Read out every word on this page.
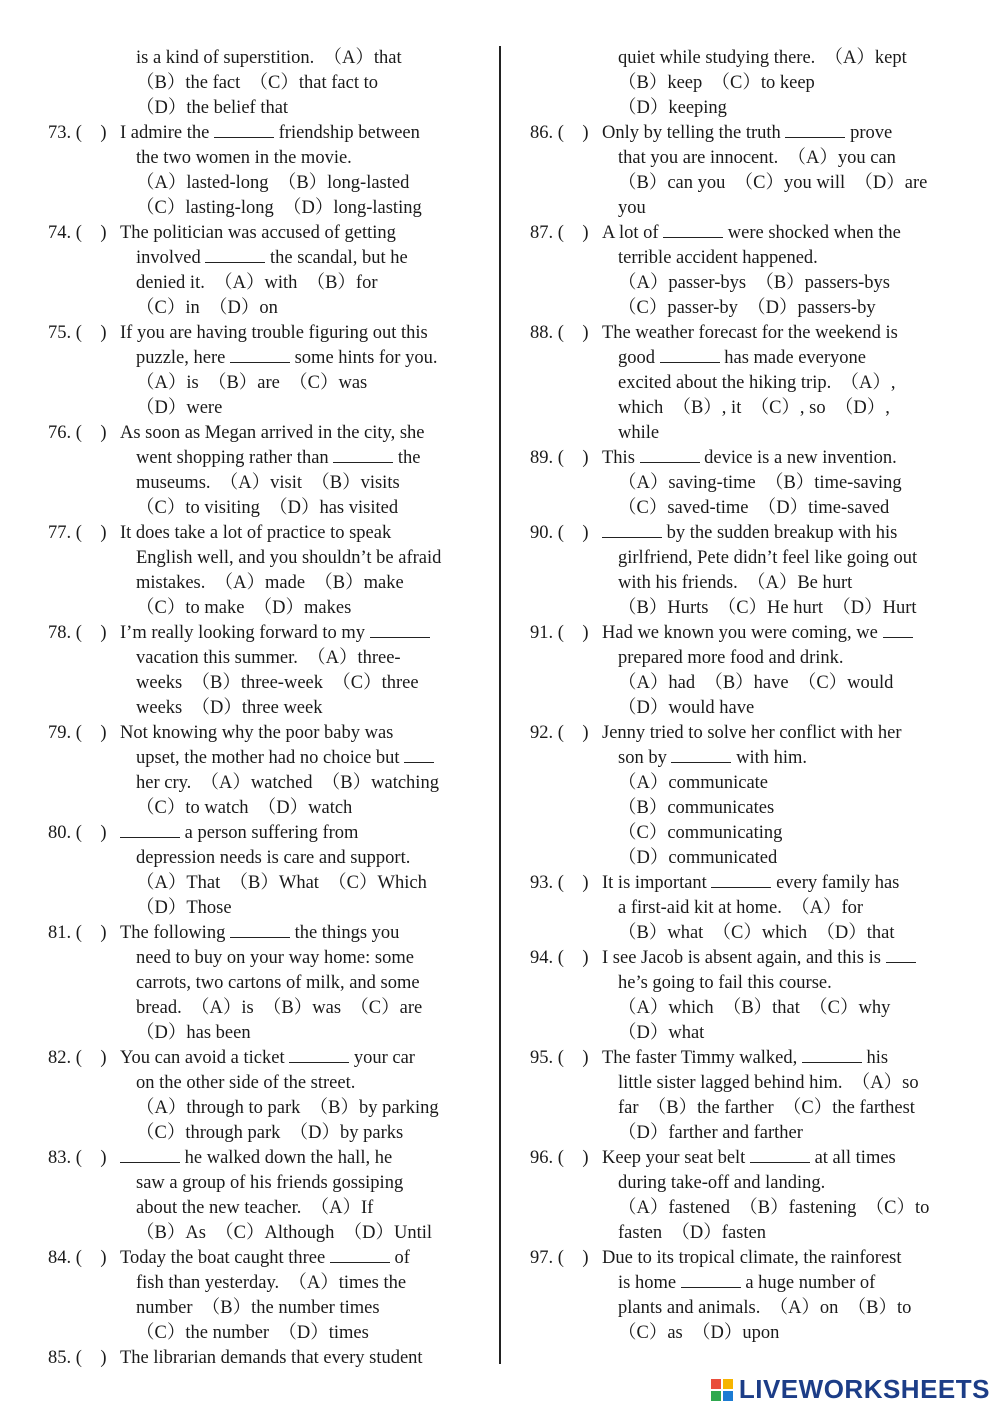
is a kind of superstition.　（A）that
（B）the fact　（C）that fact to
（D）the belief that
73. (　) I admire the	friendship between
the two women in the movie.
（A）lasted-long　（B）long-lasted
（C）lasting-long　（D）long-lasting
74. (　) The politician was accused of getting
involved	the scandal, but he
denied it.　（A）with　（B）for
（C）in　（D）on
75. (　) If you are having trouble figuring out this
puzzle, here	some hints for you.
（A）is　（B）are　（C）was
（D）were
76. (　) As soon as Megan arrived in the city, she
went shopping rather than	the
museums.　（A）visit　（B）visits
（C）to visiting　（D）has visited
77. (　) It does take a lot of practice to speak
English well, and you shouldn’t be afraid
mistakes.　（A）made　（B）make
（C）to make　（D）makes
78. (　) I’m really looking forward to my
vacation this summer.　（A）three-
weeks　（B）three-week　（C）three
weeks　（D）three week
79. (　) Not knowing why the poor baby was
upset, the mother had no choice but
her cry.　（A）watched　（B）watching
（C）to watch　（D）watch
80. (　)	a person suffering from
depression needs is care and support.
（A）That　（B）What　（C）Which
（D）Those
81. (　) The following	the things you
need to buy on your way home: some
carrots, two cartons of milk, and some
bread.　（A）is　（B）was　（C）are
（D）has been
82. (　) You can avoid a ticket	your car
on the other side of the street.
（A）through to park　（B）by parking
（C）through park　（D）by parks
83. (　)	he walked down the hall, he
saw a group of his friends gossiping
about the new teacher.　（A）If
（B）As　（C）Although　（D）Until
84. (　) Today the boat caught three	of
fish than yesterday.　（A）times the
number　（B）the number times
（C）the number　（D）times
85. (　) The librarian demands that every student
quiet while studying there.　（A）kept
（B）keep　（C）to keep
（D）keeping
86. (　) Only by telling the truth	prove
that you are innocent.　（A）you can
（B）can you　（C）you will　（D）are
you
87. (　) A lot of	were shocked when the
terrible accident happened.
（A）passer-bys　（B）passers-bys
（C）passer-by　（D）passers-by
88. (　) The weather forecast for the weekend is
good	has made everyone
excited about the hiking trip.　（A）,
which　（B）, it　（C）, so　（D）,
while
89. (　) This	device is a new invention.
（A）saving-time　（B）time-saving
（C）saved-time　（D）time-saved
90. (　)	by the sudden breakup with his
girlfriend, Pete didn’t feel like going out
with his friends.　（A）Be hurt
（B）Hurts　（C）He hurt　（D）Hurt
91. (　) Had we known you were coming, we
prepared more food and drink.
（A）had　（B）have　（C）would
（D）would have
92. (　) Jenny tried to solve her conflict with her
son by	with him.
（A）communicate
（B）communicates
（C）communicating
（D）communicated
93. (　) It is important	every family has
a first-aid kit at home.　（A）for
（B）what　（C）which　（D）that
94. (　) I see Jacob is absent again, and this is
he’s going to fail this course.
（A）which　（B）that　（C）why
（D）what
95. (　) The faster Timmy walked,	his
little sister lagged behind him.　（A）so
far　（B）the farther　（C）the farthest
（D）farther and farther
96. (　) Keep your seat belt	at all times
during take-off and landing.
（A）fastened　（B）fastening　（C）to
fasten　（D）fasten
97. (　) Due to its tropical climate, the rainforest
is home	a huge number of
plants and animals.　（A）on　（B）to
（C）as　（D）upon
LIVEWORKSHEETS
